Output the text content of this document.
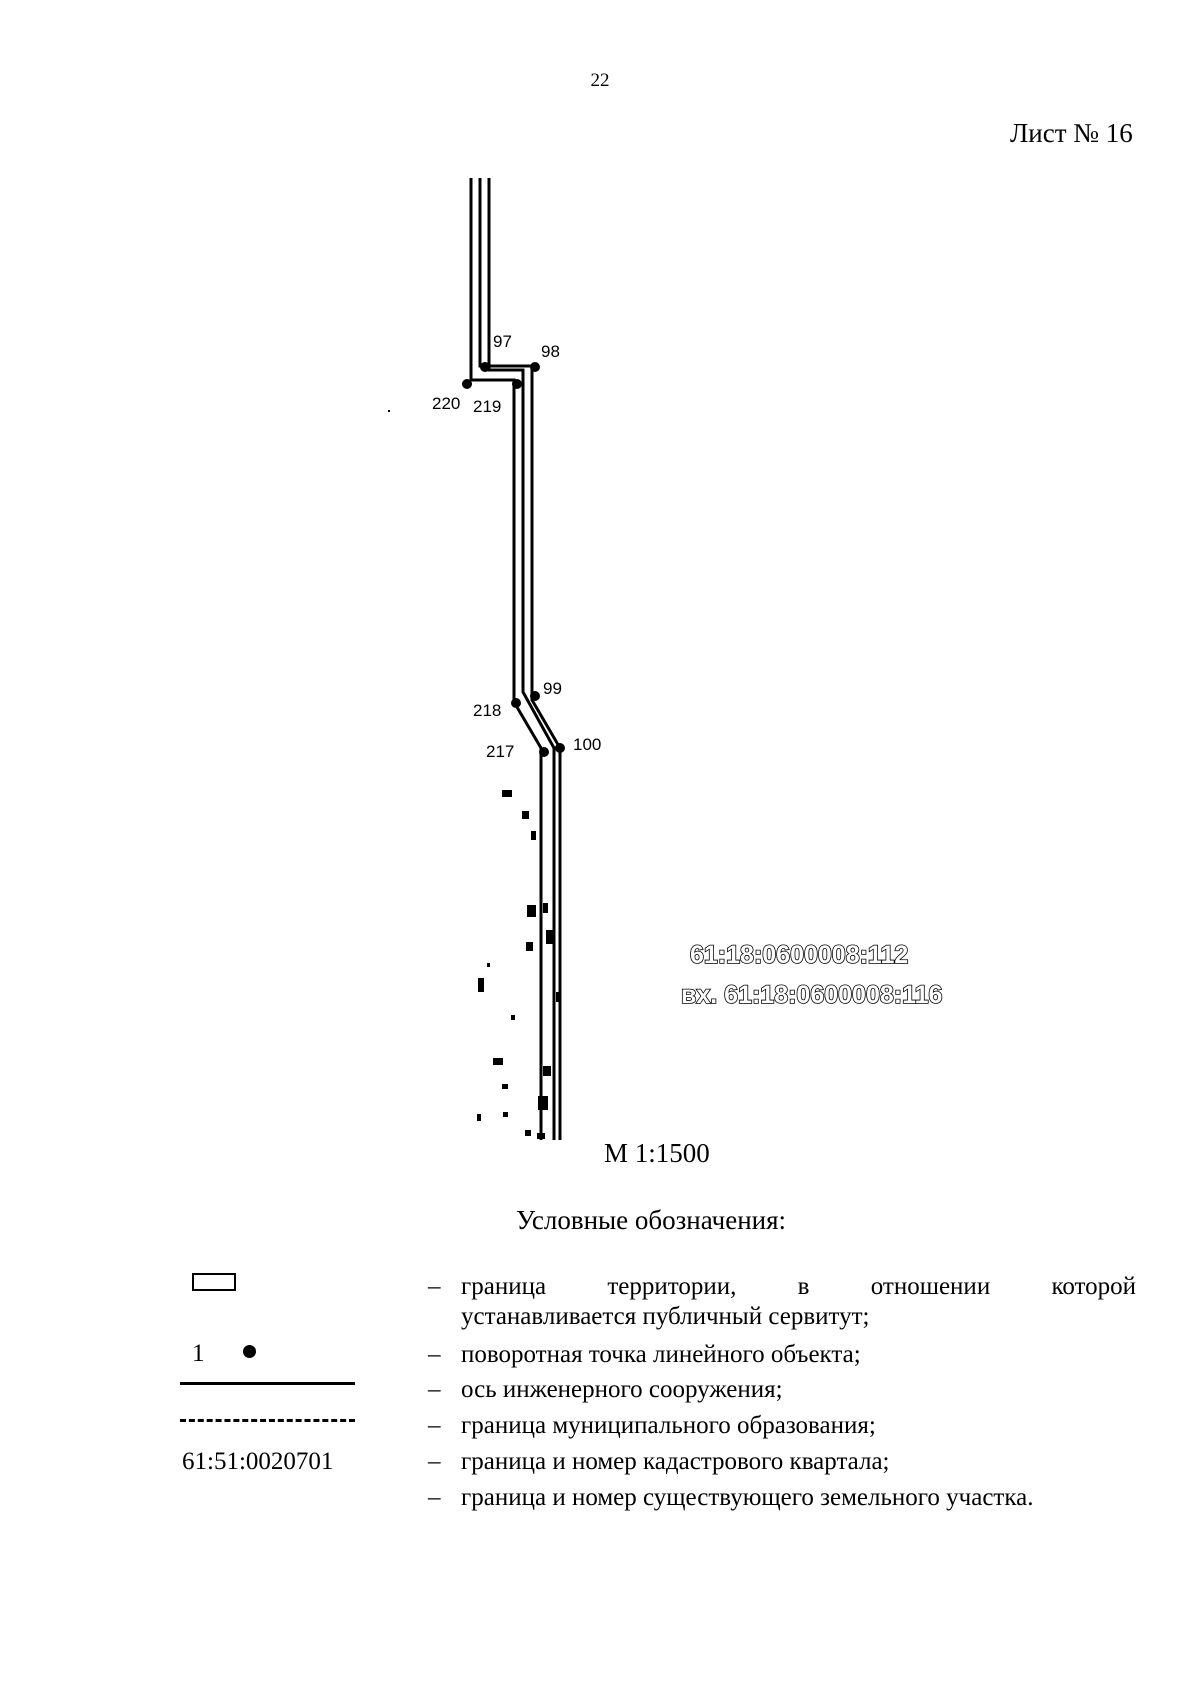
22
Лист № 16
97
98
220 219
99
218
217	100
61:18:0600008:112
вх. 61:18:0600008:116
М 1:1500
Условные обозначения:
1
61:51:0020701
– граница территории, в отношении которой
устанавливается публичный сервитут;
– поворотная точка линейного объекта;
– ось инженерного сооружения;
– граница муниципального образования;
– граница и номер кадастрового квартала;
– граница и номер существующего земельного участка.
